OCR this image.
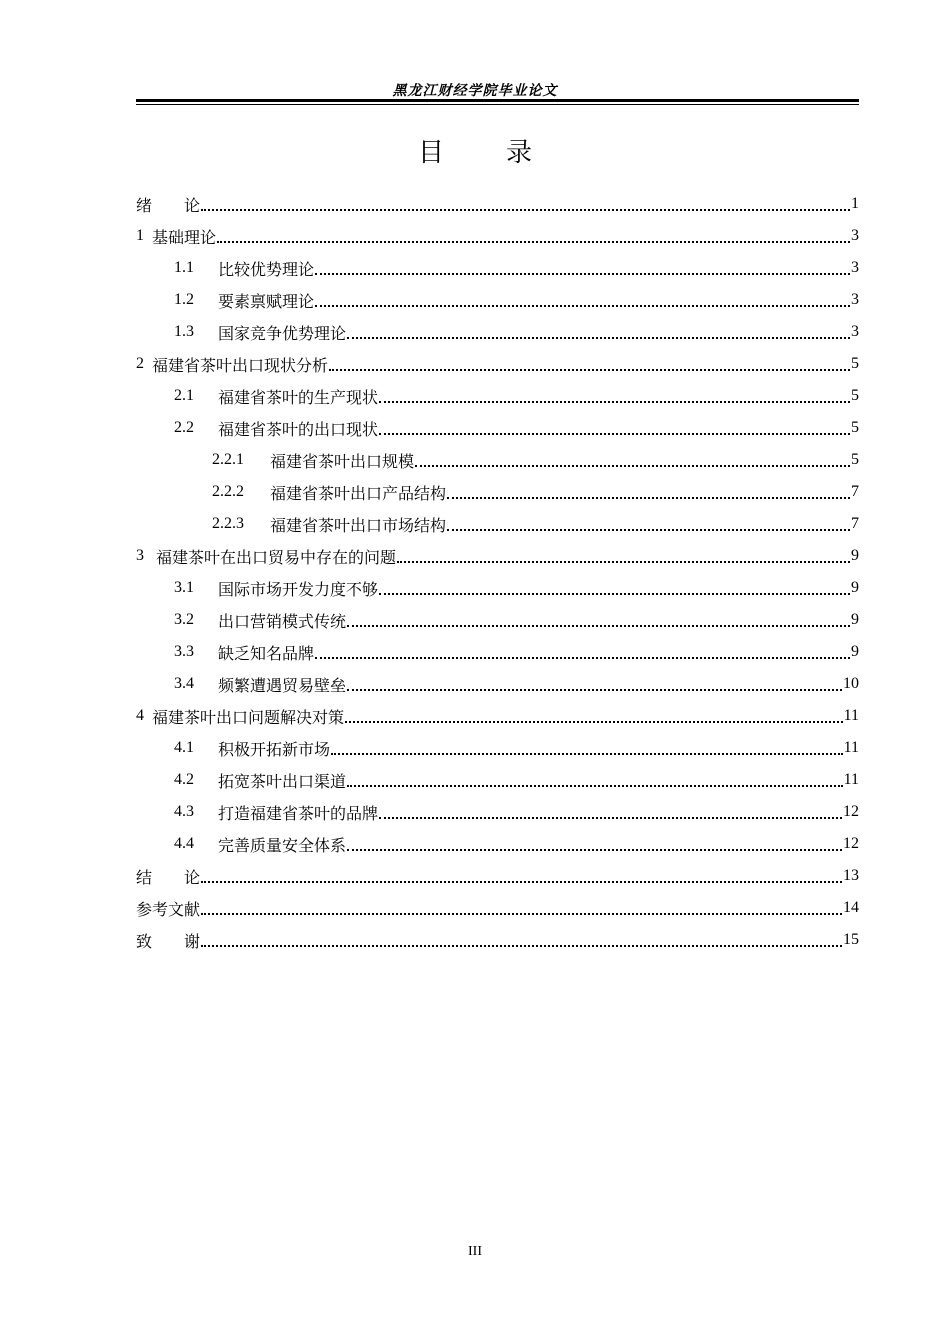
黑龙江财经学院毕业论文
目 录
绪　　论	1
1 基础理论	3
1.1	比较优势理论	3
1.2	要素禀赋理论	3
1.3	国家竞争优势理论	3
2 福建省茶叶出口现状分析	5
2.1	福建省茶叶的生产现状	5
2.2	福建省茶叶的出口现状	5
2.2.1	福建省茶叶出口规模	5
2.2.2	福建省茶叶出口产品结构	7
2.2.3	福建省茶叶出口市场结构	7
3 福建茶叶在出口贸易中存在的问题	9
3.1	国际市场开发力度不够	9
3.2	出口营销模式传统	9
3.3	缺乏知名品牌	9
3.4	频繁遭遇贸易壁垒	10
4 福建茶叶出口问题解决对策	11
4.1	积极开拓新市场	11
4.2	拓宽茶叶出口渠道	11
4.3	打造福建省茶叶的品牌	12
4.4	完善质量安全体系	12
结　　论	13
参考文献	14
致　　谢	15
III
